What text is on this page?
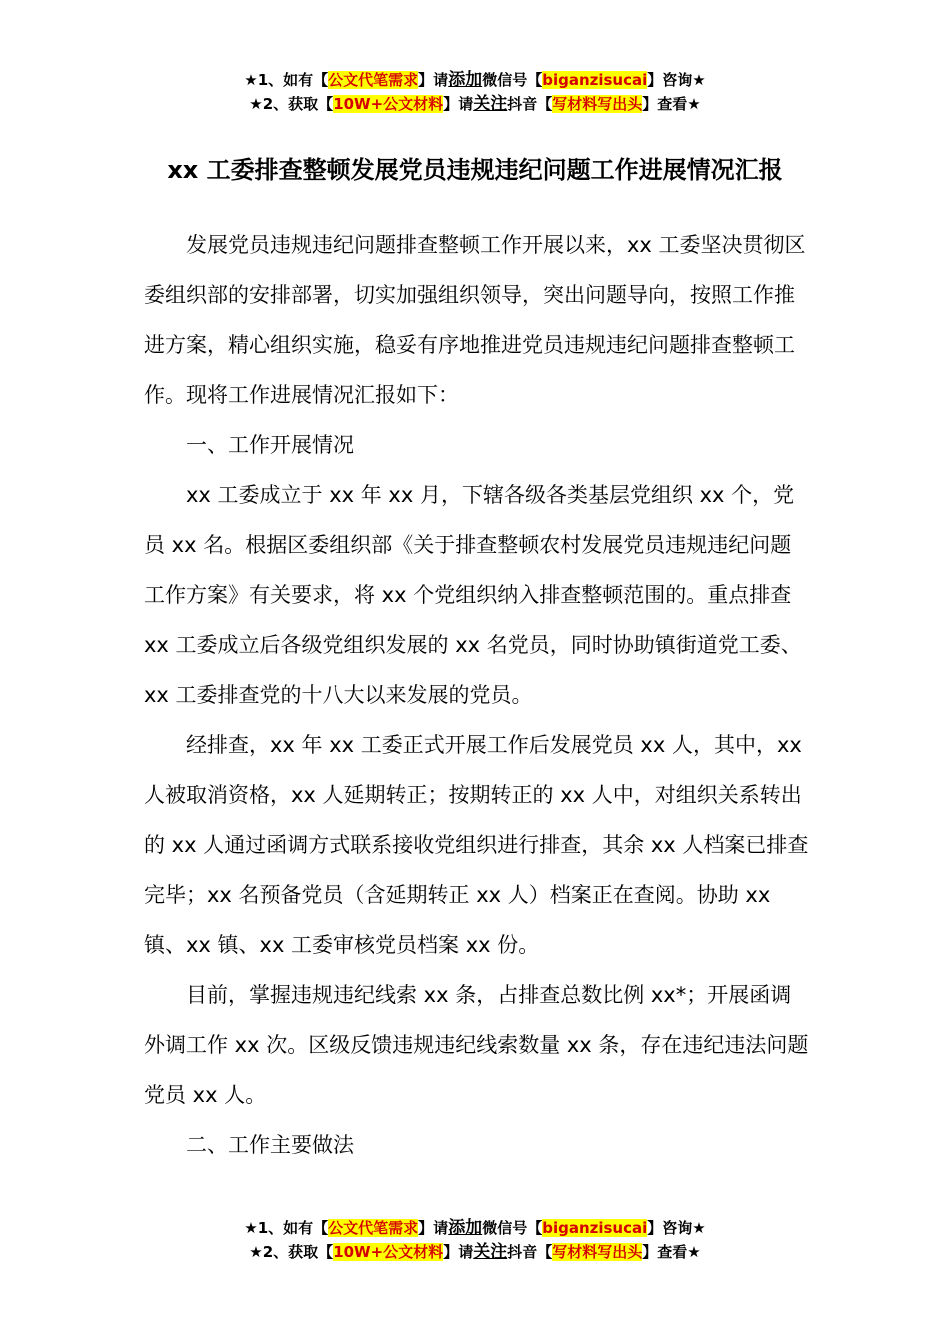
★1、如有【公文代笔需求】请添加微信号【biganzisucai】咨询★
★2、获取【10W+公文材料】请关注抖音【写材料写出头】查看★
xx 工委排查整顿发展党员违规违纪问题工作进展情况汇报

发展党员违规违纪问题排查整顿工作开展以来，xx 工委坚决贯彻区委组织部的安排部署，切实加强组织领导，突出问题导向，按照工作推进方案，精心组织实施，稳妥有序地推进党员违规违纪问题排查整顿工作。现将工作进展情况汇报如下：

一、工作开展情况

xx 工委成立于 xx 年 xx 月，下辖各级各类基层党组织 xx 个，党员 xx 名。根据区委组织部《关于排查整顿农村发展党员违规违纪问题工作方案》有关要求，将 xx 个党组织纳入排查整顿范围的。重点排查 xx 工委成立后各级党组织发展的 xx 名党员，同时协助镇街道党工委、xx 工委排查党的十八大以来发展的党员。

经排查，xx 年 xx 工委正式开展工作后发展党员 xx 人，其中，xx 人被取消资格，xx 人延期转正；按期转正的 xx 人中，对组织关系转出的 xx 人通过函调方式联系接收党组织进行排查，其余 xx 人档案已排查完毕；xx 名预备党员（含延期转正 xx 人）档案正在查阅。协助 xx 镇、xx 镇、xx 工委审核党员档案 xx 份。

目前，掌握违规违纪线索 xx 条，占排查总数比例 xx*；开展函调外调工作 xx 次。区级反馈违规违纪线索数量 xx 条，存在违纪违法问题党员 xx 人。

二、工作主要做法

★1、如有【公文代笔需求】请添加微信号【biganzisucai】咨询★
★2、获取【10W+公文材料】请关注抖音【写材料写出头】查看★
